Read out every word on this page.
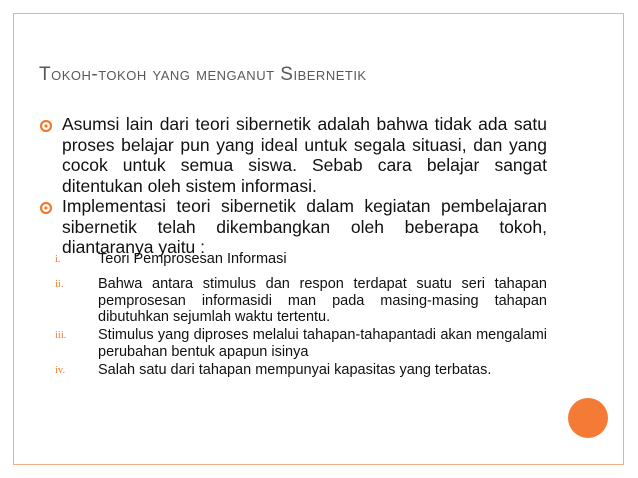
Tokoh-tokoh yang menganut Sibernetik
Asumsi lain dari teori sibernetik adalah bahwa tidak ada satu proses belajar pun yang ideal untuk segala situasi, dan yang cocok untuk semua siswa. Sebab cara belajar sangat ditentukan oleh sistem informasi.
Implementasi teori sibernetik dalam kegiatan pembelajaran sibernetik telah dikembangkan oleh beberapa tokoh, diantaranya yaitu :
i.	Teori Pemprosesan Informasi
ii. Bahwa antara stimulus dan respon terdapat suatu seri tahapan pemprosesan informasidi man pada masing-masing tahapan dibutuhkan sejumlah waktu tertentu.
iii. Stimulus yang diproses melalui tahapan-tahapantadi akan mengalami perubahan bentuk apapun isinya
iv. Salah satu dari tahapan mempunyai kapasitas yang terbatas.
